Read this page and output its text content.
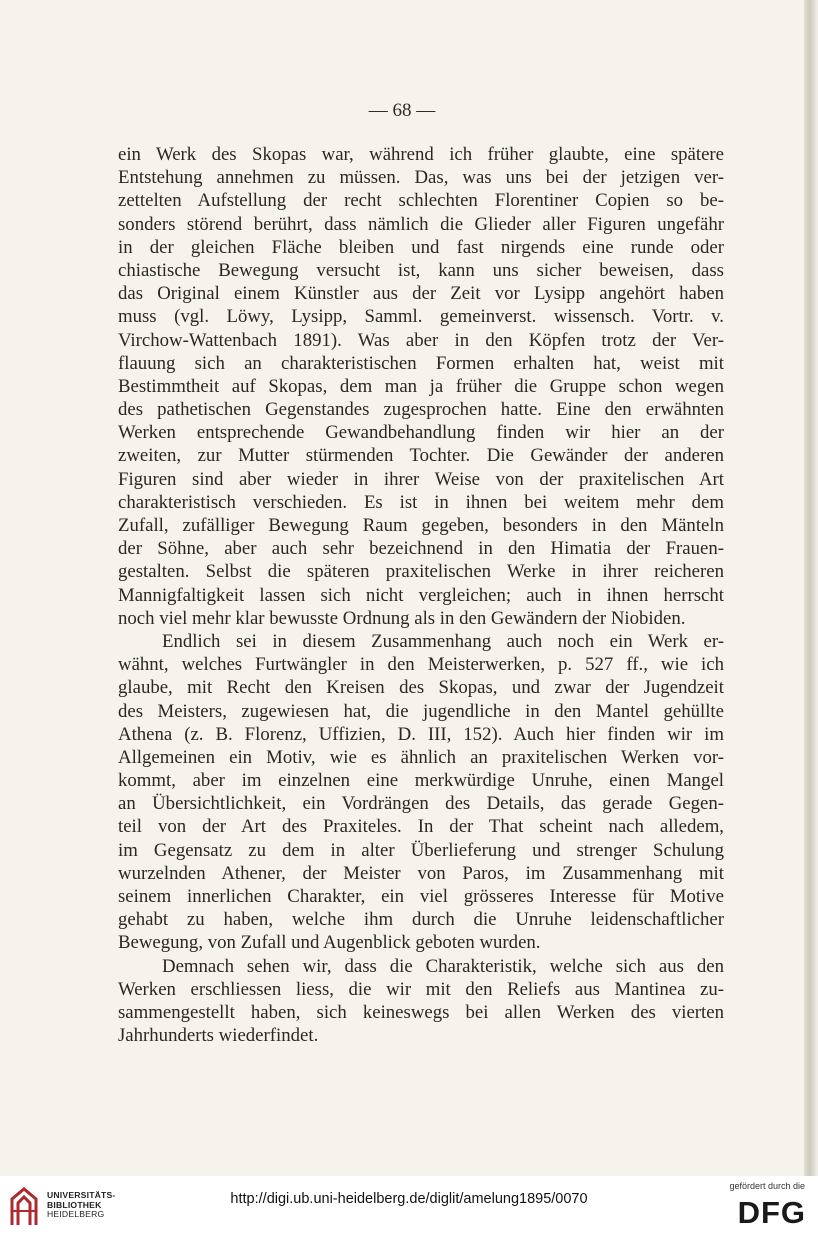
— 68 —
ein Werk des Skopas war, während ich früher glaubte, eine spätere
Entstehung annehmen zu müssen. Das, was uns bei der jetzigen ver-
zettelten Aufstellung der recht schlechten Florentiner Copien so be-
sonders störend berührt, dass nämlich die Glieder aller Figuren ungefähr
in der gleichen Fläche bleiben und fast nirgends eine runde oder
chiastische Bewegung versucht ist, kann uns sicher beweisen, dass
das Original einem Künstler aus der Zeit vor Lysipp angehört haben
muss (vgl. Löwy, Lysipp, Samml. gemeinverst. wissensch. Vortr. v.
Virchow-Wattenbach 1891). Was aber in den Köpfen trotz der Ver-
flauung sich an charakteristischen Formen erhalten hat, weist mit
Bestimmtheit auf Skopas, dem man ja früher die Gruppe schon wegen
des pathetischen Gegenstandes zugesprochen hatte. Eine den erwähnten
Werken entsprechende Gewandbehandlung finden wir hier an der
zweiten, zur Mutter stürmenden Tochter. Die Gewänder der anderen
Figuren sind aber wieder in ihrer Weise von der praxitelischen Art
charakteristisch verschieden. Es ist in ihnen bei weitem mehr dem
Zufall, zufälliger Bewegung Raum gegeben, besonders in den Mänteln
der Söhne, aber auch sehr bezeichnend in den Himatia der Frauen-
gestalten. Selbst die späteren praxitelischen Werke in ihrer reicheren
Mannigfaltigkeit lassen sich nicht vergleichen; auch in ihnen herrscht
noch viel mehr klar bewusste Ordnung als in den Gewändern der Niobiden.
Endlich sei in diesem Zusammenhang auch noch ein Werk er-
wähnt, welches Furtwängler in den Meisterwerken, p. 527 ff., wie ich
glaube, mit Recht den Kreisen des Skopas, und zwar der Jugendzeit
des Meisters, zugewiesen hat, die jugendliche in den Mantel gehüllte
Athena (z. B. Florenz, Uffizien, D. III, 152). Auch hier finden wir im
Allgemeinen ein Motiv, wie es ähnlich an praxitelischen Werken vor-
kommt, aber im einzelnen eine merkwürdige Unruhe, einen Mangel
an Übersichtlichkeit, ein Vordrängen des Details, das gerade Gegen-
teil von der Art des Praxiteles. In der That scheint nach alledem,
im Gegensatz zu dem in alter Überlieferung und strenger Schulung
wurzelnden Athener, der Meister von Paros, im Zusammenhang mit
seinem innerlichen Charakter, ein viel grösseres Interesse für Motive
gehabt zu haben, welche ihm durch die Unruhe leidenschaftlicher
Bewegung, von Zufall und Augenblick geboten wurden.
Demnach sehen wir, dass die Charakteristik, welche sich aus den
Werken erschliessen liess, die wir mit den Reliefs aus Mantinea zu-
sammengestellt haben, sich keineswegs bei allen Werken des vierten
Jahrhunderts wiederfindet.
UNIVERSITÄTS-
BIBLIOTHEK
HEIDELBERG
http://digi.ub.uni-heidelberg.de/diglit/amelung1895/0070
gefördert durch die
DFG
